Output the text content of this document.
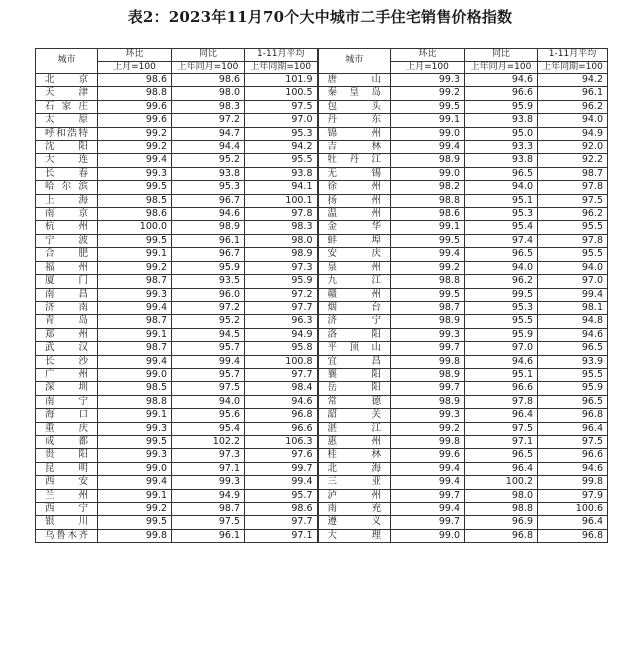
表2：2023年11月70个大中城市二手住宅销售价格指数
城市	环比	同比	1-11月平均	城市	环比	同比	1-11月平均
	上月=100	上年同月=100	上年同期=100		上月=100	上年同月=100	上年同期=100
北京	98.6	98.6	101.9	唐山	99.3	94.6	94.2
天津	98.8	98.0	100.5	秦皇岛	99.2	96.6	96.1
石家庄	99.6	98.3	97.5	包头	99.5	95.9	96.2
太原	99.6	97.2	97.0	丹东	99.1	93.8	94.0
呼和浩特	99.2	94.7	95.3	锦州	99.0	95.0	94.9
沈阳	99.2	94.4	94.2	吉林	99.4	93.3	92.0
大连	99.4	95.2	95.5	牡丹江	98.9	93.8	92.2
长春	99.3	93.8	93.8	无锡	99.0	96.5	98.7
哈尔滨	99.5	95.3	94.1	徐州	98.2	94.0	97.8
上海	98.5	96.7	100.1	扬州	98.8	95.1	97.5
南京	98.6	94.6	97.8	温州	98.6	95.3	96.2
杭州	100.0	98.9	98.3	金华	99.1	95.4	95.5
宁波	99.5	96.1	98.0	蚌埠	99.5	97.4	97.8
合肥	99.1	96.7	98.9	安庆	99.4	96.5	95.5
福州	99.2	95.9	97.3	泉州	99.2	94.0	94.0
厦门	98.7	93.5	95.9	九江	98.8	96.2	97.0
南昌	99.3	96.0	97.2	赣州	99.5	99.5	99.4
济南	99.4	97.2	97.7	烟台	98.7	95.3	98.1
青岛	98.7	95.2	96.3	济宁	98.9	95.5	94.8
郑州	99.1	94.5	94.9	洛阳	99.3	95.9	94.6
武汉	98.7	95.7	95.8	平顶山	99.7	97.0	96.5
长沙	99.4	99.4	100.8	宜昌	99.8	94.6	93.9
广州	99.0	95.7	97.7	襄阳	98.9	95.1	95.5
深圳	98.5	97.5	98.4	岳阳	99.7	96.6	95.9
南宁	98.8	94.0	94.6	常德	98.9	97.8	96.5
海口	99.1	95.6	96.8	韶关	99.3	96.4	96.8
重庆	99.3	95.4	96.6	湛江	99.2	97.5	96.4
成都	99.5	102.2	106.3	惠州	99.8	97.1	97.5
贵阳	99.3	97.3	97.6	桂林	99.6	96.5	96.6
昆明	99.0	97.1	99.7	北海	99.4	96.4	94.6
西安	99.4	99.3	99.4	三亚	99.4	100.2	99.8
兰州	99.1	94.9	95.7	泸州	99.7	98.0	97.9
西宁	99.2	98.7	98.6	南充	99.4	98.8	100.6
银川	99.5	97.5	97.7	遵义	99.7	96.9	96.4
乌鲁木齐	99.8	96.1	97.1	大理	99.0	96.8	96.8
